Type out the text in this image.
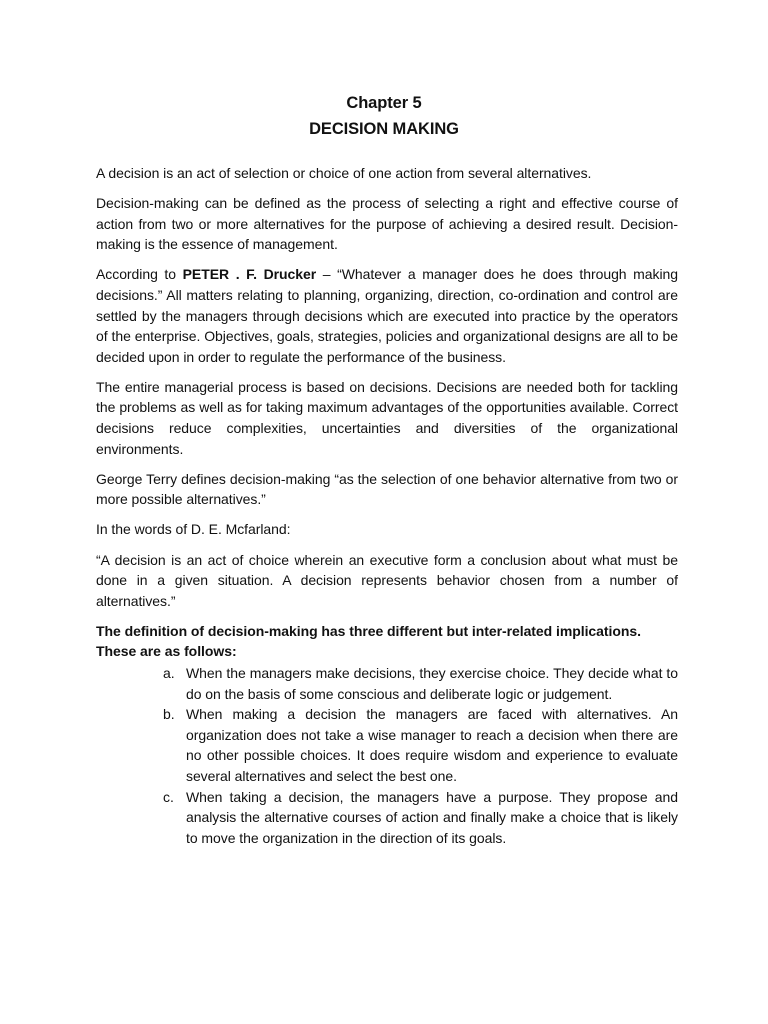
Chapter 5
DECISION MAKING

A decision is an act of selection or choice of one action from several alternatives.

Decision-making can be defined as the process of selecting a right and effective course of action from two or more alternatives for the purpose of achieving a desired result. Decision-making is the essence of management.

According to PETER . F. Drucker – “Whatever a manager does he does through making decisions.” All matters relating to planning, organizing, direction, co-ordination and control are settled by the managers through decisions which are executed into practice by the operators of the enterprise. Objectives, goals, strategies, policies and organizational designs are all to be decided upon in order to regulate the performance of the business.

The entire managerial process is based on decisions. Decisions are needed both for tackling the problems as well as for taking maximum advantages of the opportunities available. Correct decisions reduce complexities, uncertainties and diversities of the organizational environments.

George Terry defines decision-making “as the selection of one behavior alternative from two or more possible alternatives.”

In the words of D. E. Mcfarland:

“A decision is an act of choice wherein an executive form a conclusion about what must be done in a given situation. A decision represents behavior chosen from a number of alternatives.”

The definition of decision-making has three different but inter-related implications.
These are as follows:
a. When the managers make decisions, they exercise choice. They decide what to do on the basis of some conscious and deliberate logic or judgement.
b. When making a decision the managers are faced with alternatives. An organization does not take a wise manager to reach a decision when there are no other possible choices. It does require wisdom and experience to evaluate several alternatives and select the best one.
c. When taking a decision, the managers have a purpose. They propose and analysis the alternative courses of action and finally make a choice that is likely to move the organization in the direction of its goals.
